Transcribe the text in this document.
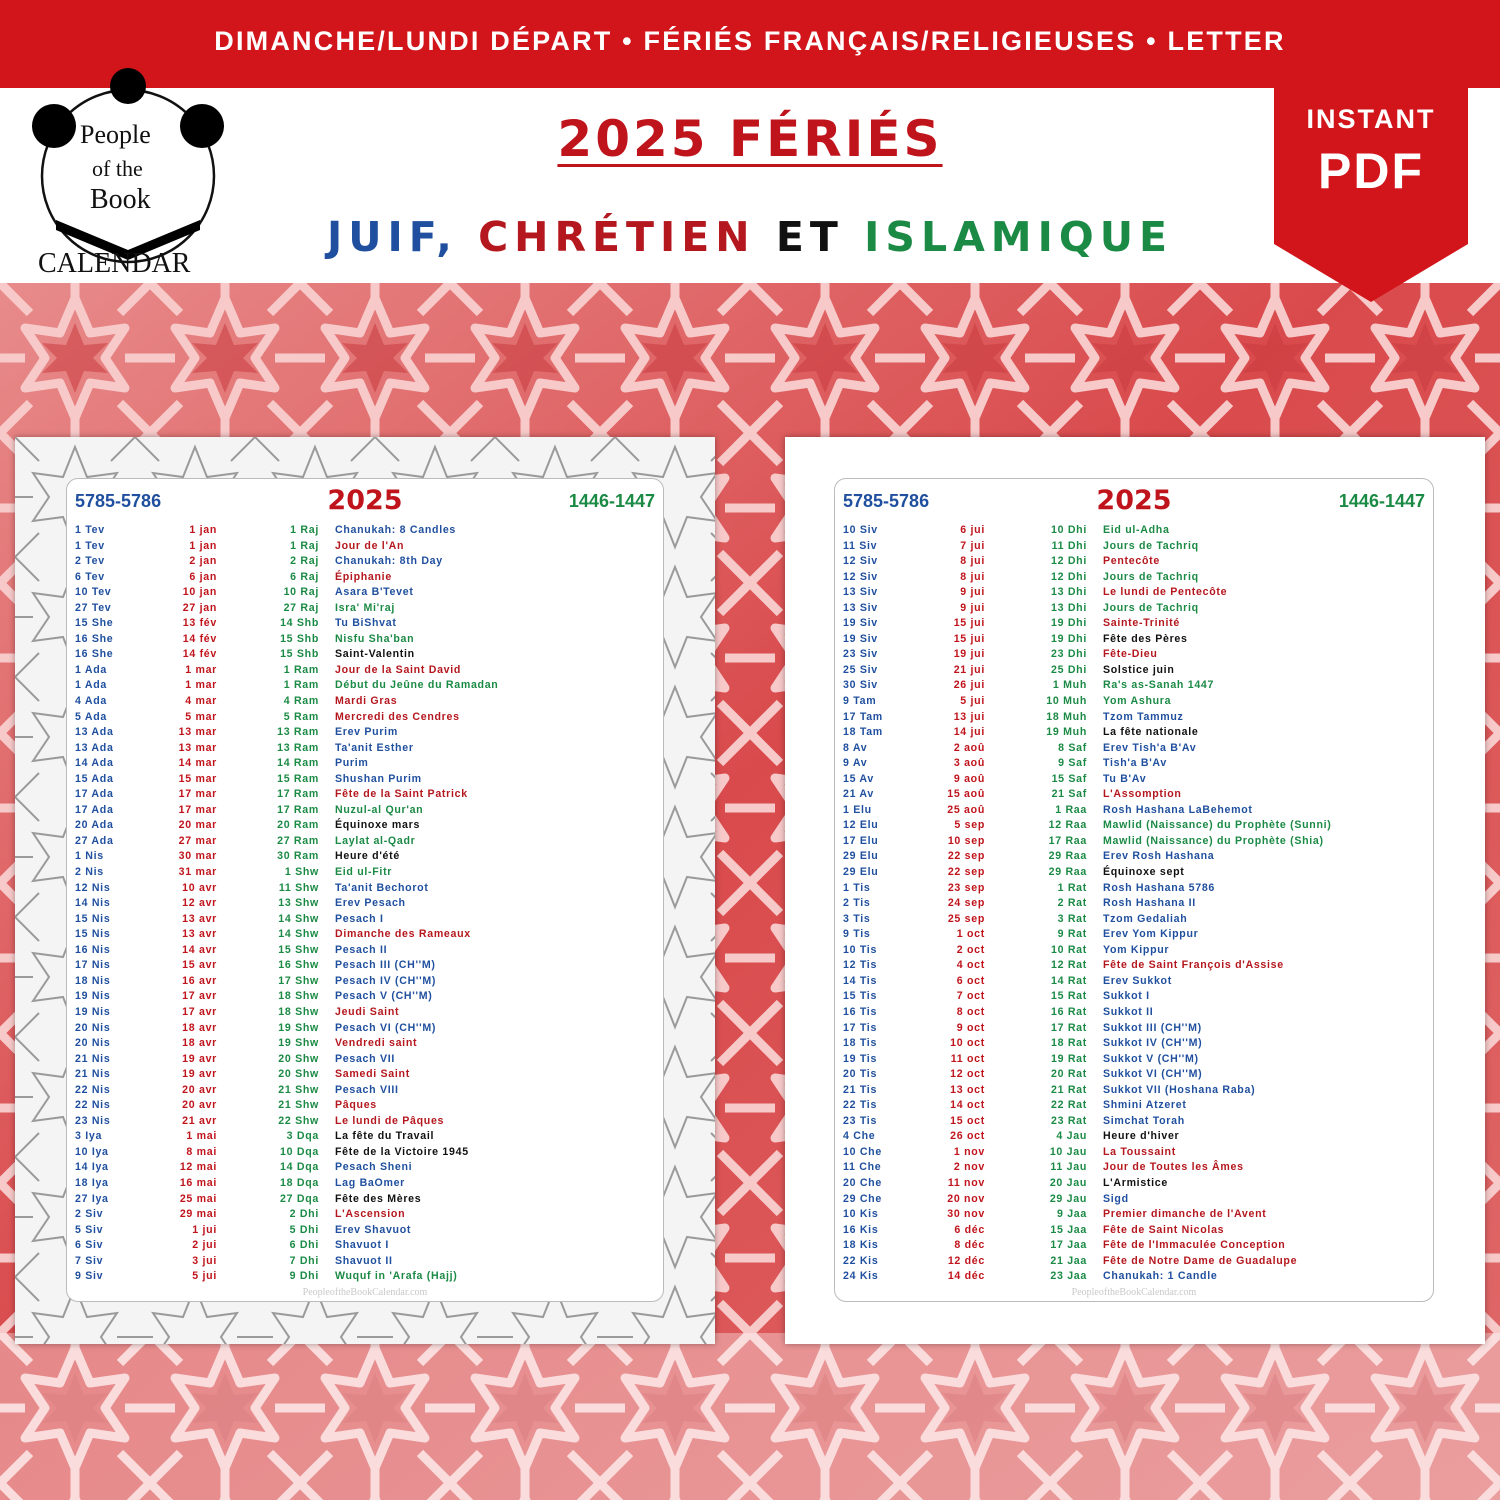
DIMANCHE/LUNDI DÉPART • FÉRIÉS FRANÇAIS/RELIGIEUSES • LETTER
People
of the
Book
CALENDAR
2025 FÉRIÉS
JUIF, CHRÉTIEN ET ISLAMIQUE
INSTANT
PDF
5785-5786	2025	1446-1447
1 Tev	1 jan	1 Raj Chanukah: 8 Candles
1 Tev	1 jan	1 Raj Jour de l'An
2 Tev	2 jan	2 Raj Chanukah: 8th Day
6 Tev	6 jan	6 Raj Épiphanie
10 Tev	10 jan	10 Raj Asara B'Tevet
27 Tev	27 jan	27 Raj Isra' Mi'raj
15 She	13 fév	14 Shb Tu BiShvat
16 She	14 fév	15 Shb Nisfu Sha'ban
16 She	14 fév	15 Shb Saint-Valentin
1 Ada	1 mar	1 Ram Jour de la Saint David
1 Ada	1 mar	1 Ram Début du Jeûne du Ramadan
4 Ada	4 mar	4 Ram Mardi Gras
5 Ada	5 mar	5 Ram Mercredi des Cendres
13 Ada	13 mar	13 Ram Erev Purim
13 Ada	13 mar	13 Ram Ta'anit Esther
14 Ada	14 mar	14 Ram Purim
15 Ada	15 mar	15 Ram Shushan Purim
17 Ada	17 mar	17 Ram Fête de la Saint Patrick
17 Ada	17 mar	17 Ram Nuzul-al Qur'an
20 Ada	20 mar	20 Ram Équinoxe mars
27 Ada	27 mar	27 Ram Laylat al-Qadr
1 Nis	30 mar	30 Ram Heure d'été
2 Nis	31 mar	1 Shw Eid ul-Fitr
12 Nis	10 avr	11 Shw Ta'anit Bechorot
14 Nis	12 avr	13 Shw Erev Pesach
15 Nis	13 avr	14 Shw Pesach I
15 Nis	13 avr	14 Shw Dimanche des Rameaux
16 Nis	14 avr	15 Shw Pesach II
17 Nis	15 avr	16 Shw Pesach III (CH''M)
18 Nis	16 avr	17 Shw Pesach IV (CH''M)
19 Nis	17 avr	18 Shw Pesach V (CH''M)
19 Nis	17 avr	18 Shw Jeudi Saint
20 Nis	18 avr	19 Shw Pesach VI (CH''M)
20 Nis	18 avr	19 Shw Vendredi saint
21 Nis	19 avr	20 Shw Pesach VII
21 Nis	19 avr	20 Shw Samedi Saint
22 Nis	20 avr	21 Shw Pesach VIII
22 Nis	20 avr	21 Shw Pâques
23 Nis	21 avr	22 Shw Le lundi de Pâques
3 Iya	1 mai	3 Dqa La fête du Travail
10 Iya	8 mai	10 Dqa Fête de la Victoire 1945
14 Iya	12 mai	14 Dqa Pesach Sheni
18 Iya	16 mai	18 Dqa Lag BaOmer
27 Iya	25 mai	27 Dqa Fête des Mères
2 Siv	29 mai	2 Dhi L'Ascension
5 Siv	1 jui	5 Dhi Erev Shavuot
6 Siv	2 jui	6 Dhi Shavuot I
7 Siv	3 jui	7 Dhi Shavuot II
9 Siv	5 jui	9 Dhi Wuquf in 'Arafa (Hajj)
PeopleoftheBookCalendar.com
5785-5786	2025	1446-1447
10 Siv	6 jui	10 Dhi Eid ul-Adha
11 Siv	7 jui	11 Dhi Jours de Tachriq
12 Siv	8 jui	12 Dhi Pentecôte
12 Siv	8 jui	12 Dhi Jours de Tachriq
13 Siv	9 jui	13 Dhi Le lundi de Pentecôte
13 Siv	9 jui	13 Dhi Jours de Tachriq
19 Siv	15 jui	19 Dhi Sainte-Trinité
19 Siv	15 jui	19 Dhi Fête des Pères
23 Siv	19 jui	23 Dhi Fête-Dieu
25 Siv	21 jui	25 Dhi Solstice juin
30 Siv	26 jui	1 Muh Ra's as-Sanah 1447
9 Tam	5 jui	10 Muh Yom Ashura
17 Tam	13 jui	18 Muh Tzom Tammuz
18 Tam	14 jui	19 Muh La fête nationale
8 Av	2 aoû	8 Saf Erev Tish'a B'Av
9 Av	3 aoû	9 Saf Tish'a B'Av
15 Av	9 aoû	15 Saf Tu B'Av
21 Av	15 aoû	21 Saf L'Assomption
1 Elu	25 aoû	1 Raa Rosh Hashana LaBehemot
12 Elu	5 sep	12 Raa Mawlid (Naissance) du Prophète (Sunni)
17 Elu	10 sep	17 Raa Mawlid (Naissance) du Prophète (Shia)
29 Elu	22 sep	29 Raa Erev Rosh Hashana
29 Elu	22 sep	29 Raa Équinoxe sept
1 Tis	23 sep	1 Rat Rosh Hashana 5786
2 Tis	24 sep	2 Rat Rosh Hashana II
3 Tis	25 sep	3 Rat Tzom Gedaliah
9 Tis	1 oct	9 Rat Erev Yom Kippur
10 Tis	2 oct	10 Rat Yom Kippur
12 Tis	4 oct	12 Rat Fête de Saint François d'Assise
14 Tis	6 oct	14 Rat Erev Sukkot
15 Tis	7 oct	15 Rat Sukkot I
16 Tis	8 oct	16 Rat Sukkot II
17 Tis	9 oct	17 Rat Sukkot III (CH''M)
18 Tis	10 oct	18 Rat Sukkot IV (CH''M)
19 Tis	11 oct	19 Rat Sukkot V (CH''M)
20 Tis	12 oct	20 Rat Sukkot VI (CH''M)
21 Tis	13 oct	21 Rat Sukkot VII (Hoshana Raba)
22 Tis	14 oct	22 Rat Shmini Atzeret
23 Tis	15 oct	23 Rat Simchat Torah
4 Che	26 oct	4 Jau Heure d'hiver
10 Che	1 nov	10 Jau La Toussaint
11 Che	2 nov	11 Jau Jour de Toutes les Âmes
20 Che	11 nov	20 Jau L'Armistice
29 Che	20 nov	29 Jau Sigd
10 Kis	30 nov	9 Jaa Premier dimanche de l'Avent
16 Kis	6 déc	15 Jaa Fête de Saint Nicolas
18 Kis	8 déc	17 Jaa Fête de l'Immaculée Conception
22 Kis	12 déc	21 Jaa Fête de Notre Dame de Guadalupe
24 Kis	14 déc	23 Jaa Chanukah: 1 Candle
PeopleoftheBookCalendar.com
